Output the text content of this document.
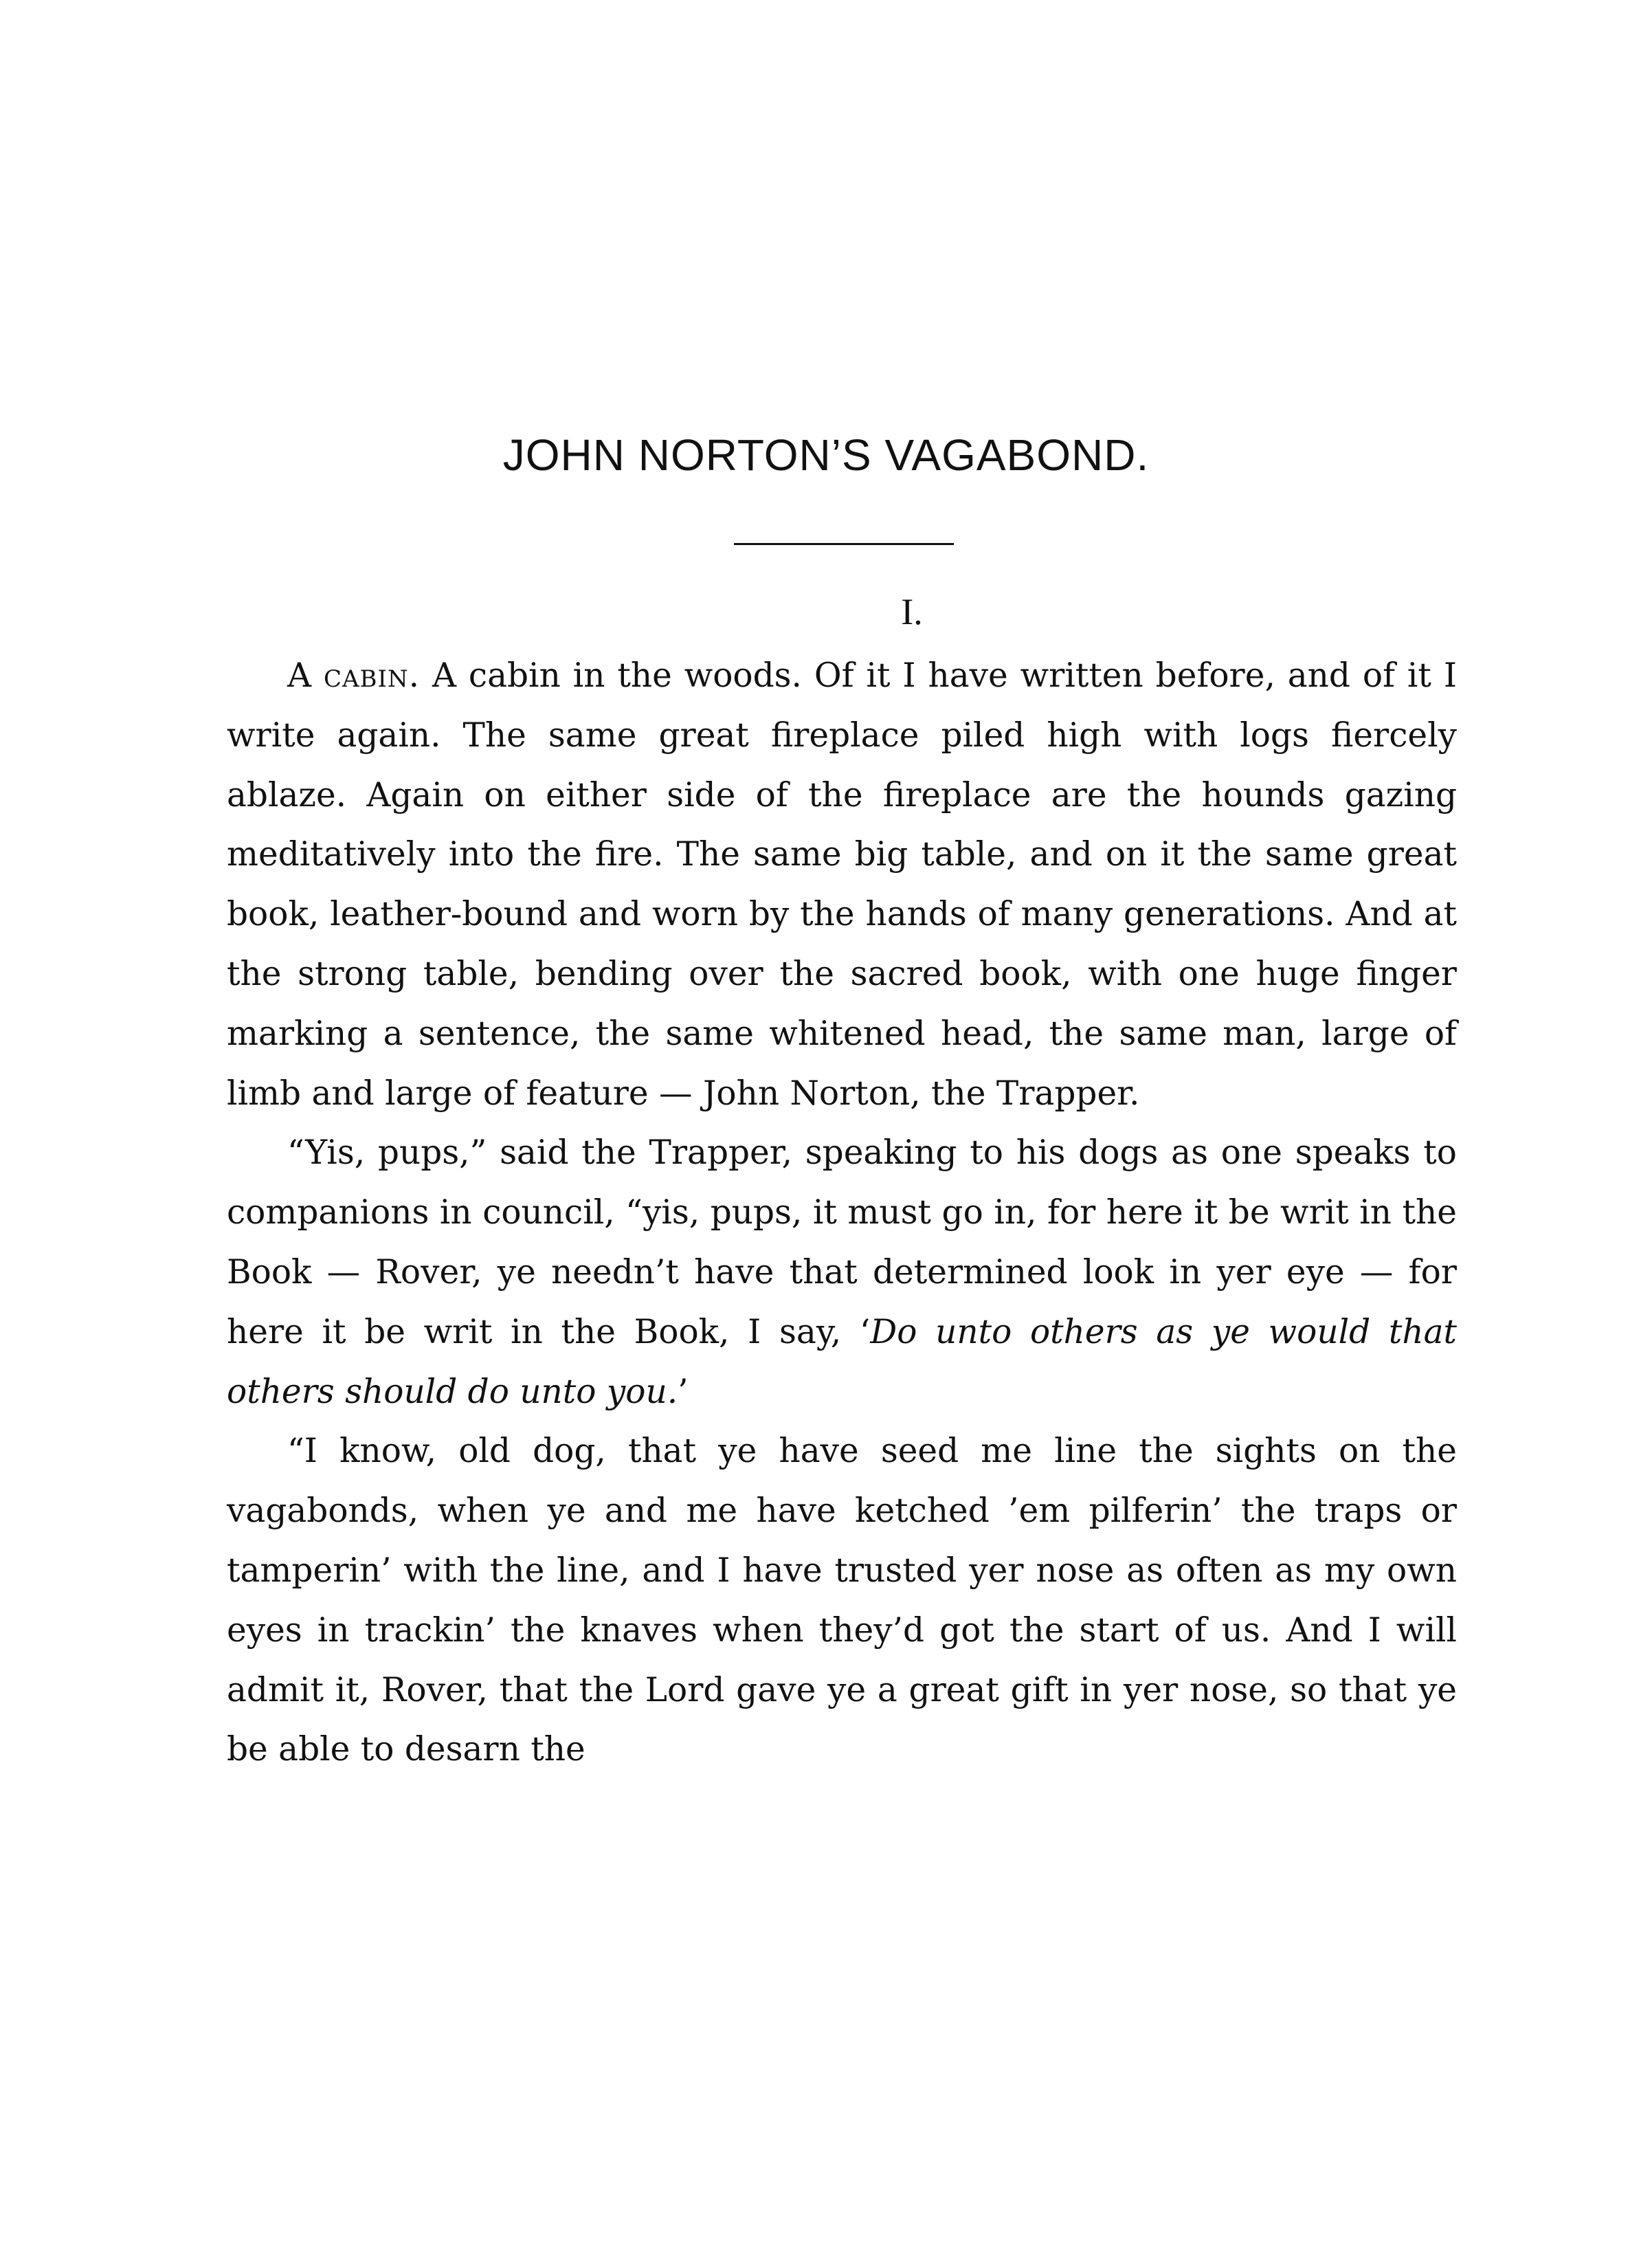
JOHN NORTON’S VAGABOND.
I.

A cabin. A cabin in the woods. Of it I have written before, and of it I write again. The same great fireplace piled high with logs fiercely ablaze. Again on either side of the fireplace are the hounds gazing meditatively into the fire. The same big table, and on it the same great book, leather-bound and worn by the hands of many generations. And at the strong table, bending over the sacred book, with one huge finger marking a sentence, the same whitened head, the same man, large of limb and large of feature — John Norton, the Trapper.

“Yis, pups,” said the Trapper, speaking to his dogs as one speaks to companions in council, “yis, pups, it must go in, for here it be writ in the Book — Rover, ye needn’t have that determined look in yer eye — for here it be writ in the Book, I say, ‘Do unto others as ye would that others should do unto you.’

“I know, old dog, that ye have seed me line the sights on the vagabonds, when ye and me have ketched ’em pilferin’ the traps or tamperin’ with the line, and I have trusted yer nose as often as my own eyes in trackin’ the knaves when they’d got the start of us. And I will admit it, Rover, that the Lord gave ye a great gift in yer nose, so that ye be able to desarn the
